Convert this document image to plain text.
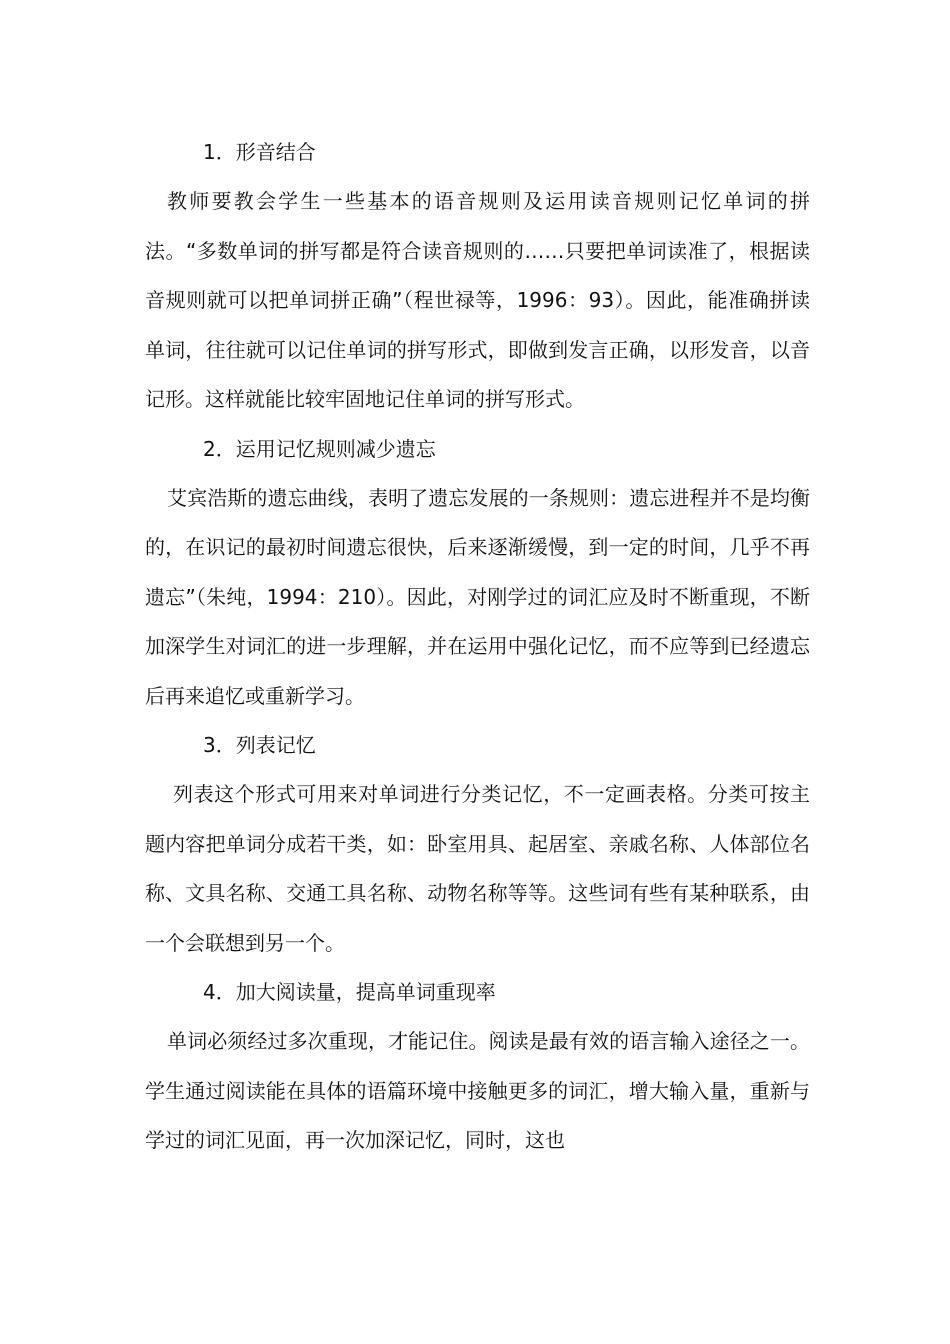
1．形音结合

教师要教会学生一些基本的语音规则及运用读音规则记忆单词的拼法。“多数单词的拼写都是符合读音规则的……只要把单词读准了，根据读音规则就可以把单词拼正确”（程世禄等，1996：93）。因此，能准确拼读单词，往往就可以记住单词的拼写形式，即做到发言正确，以形发音，以音记形。这样就能比较牢固地记住单词的拼写形式。

2．运用记忆规则减少遗忘

艾宾浩斯的遗忘曲线，表明了遗忘发展的一条规则：遗忘进程并不是均衡的，在识记的最初时间遗忘很快，后来逐渐缓慢，到一定的时间，几乎不再遗忘”（朱纯，1994：210）。因此，对刚学过的词汇应及时不断重现，不断加深学生对词汇的进一步理解，并在运用中强化记忆，而不应等到已经遗忘后再来追忆或重新学习。

3．列表记忆

列表这个形式可用来对单词进行分类记忆，不一定画表格。分类可按主题内容把单词分成若干类，如：卧室用具、起居室、亲戚名称、人体部位名称、文具名称、交通工具名称、动物名称等等。这些词有些有某种联系，由一个会联想到另一个。

4．加大阅读量，提高单词重现率

单词必须经过多次重现，才能记住。阅读是最有效的语言输入途径之一。学生通过阅读能在具体的语篇环境中接触更多的词汇，增大输入量，重新与学过的词汇见面，再一次加深记忆，同时，这也
